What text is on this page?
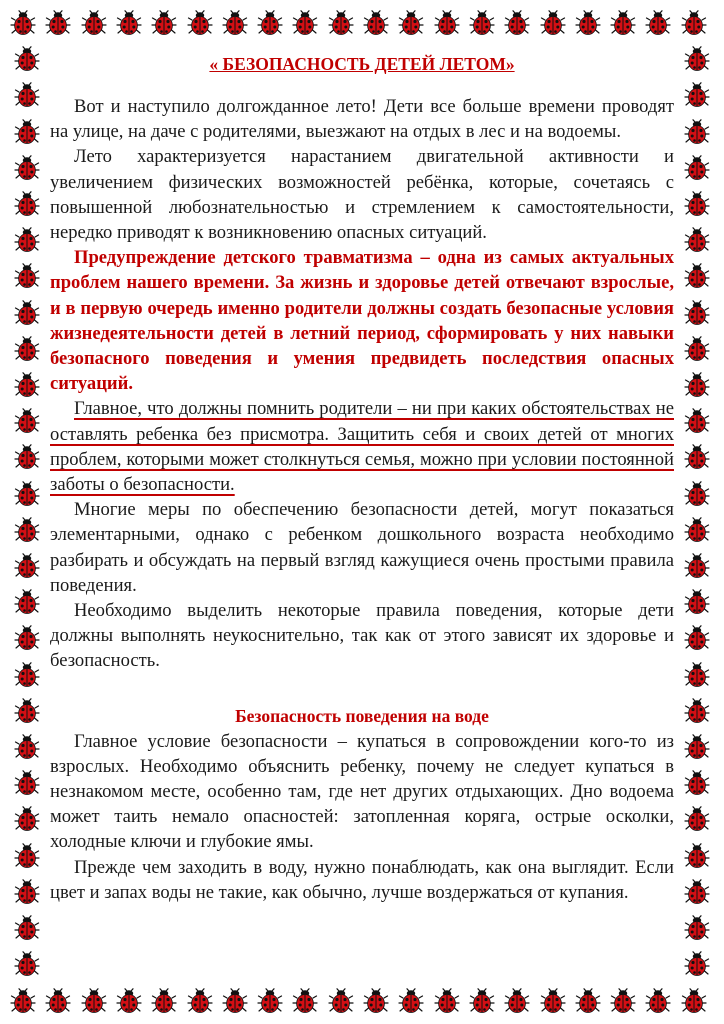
« БЕЗОПАСНОСТЬ ДЕТЕЙ ЛЕТОМ»

Вот и наступило долгожданное лето! Дети все больше времени проводят на улице, на даче с родителями, выезжают на отдых в лес и на водоемы.

Лето характеризуется нарастанием двигательной активности и увеличением физических возможностей ребёнка, которые, сочетаясь с повышенной любознательностью и стремлением к самостоятельности, нередко приводят к возникновению опасных ситуаций.

Предупреждение детского травматизма – одна из самых актуальных проблем нашего времени. За жизнь и здоровье детей отвечают взрослые, и в первую очередь именно родители должны создать безопасные условия жизнедеятельности детей в летний период, сформировать у них навыки безопасного поведения и умения предвидеть последствия опасных ситуаций.

Главное, что должны помнить родители – ни при каких обстоятельствах не оставлять ребенка без присмотра. Защитить себя и своих детей от многих проблем, которыми может столкнуться семья, можно при условии постоянной заботы о безопасности.

Многие меры по обеспечению безопасности детей, могут показаться элементарными, однако с ребенком дошкольного возраста необходимо разбирать и обсуждать на первый взгляд кажущиеся очень простыми правила поведения.

Необходимо выделить некоторые правила поведения, которые дети должны выполнять неукоснительно, так как от этого зависят их здоровье и безопасность.

Безопасность поведения на воде

Главное условие безопасности – купаться в сопровождении кого-то из взрослых. Необходимо объяснить ребенку, почему не следует купаться в незнакомом месте, особенно там, где нет других отдыхающих. Дно водоема может таить немало опасностей: затопленная коряга, острые осколки, холодные ключи и глубокие ямы.

Прежде чем заходить в воду, нужно понаблюдать, как она выглядит. Если цвет и запах воды не такие, как обычно, лучше воздержаться от купания.
